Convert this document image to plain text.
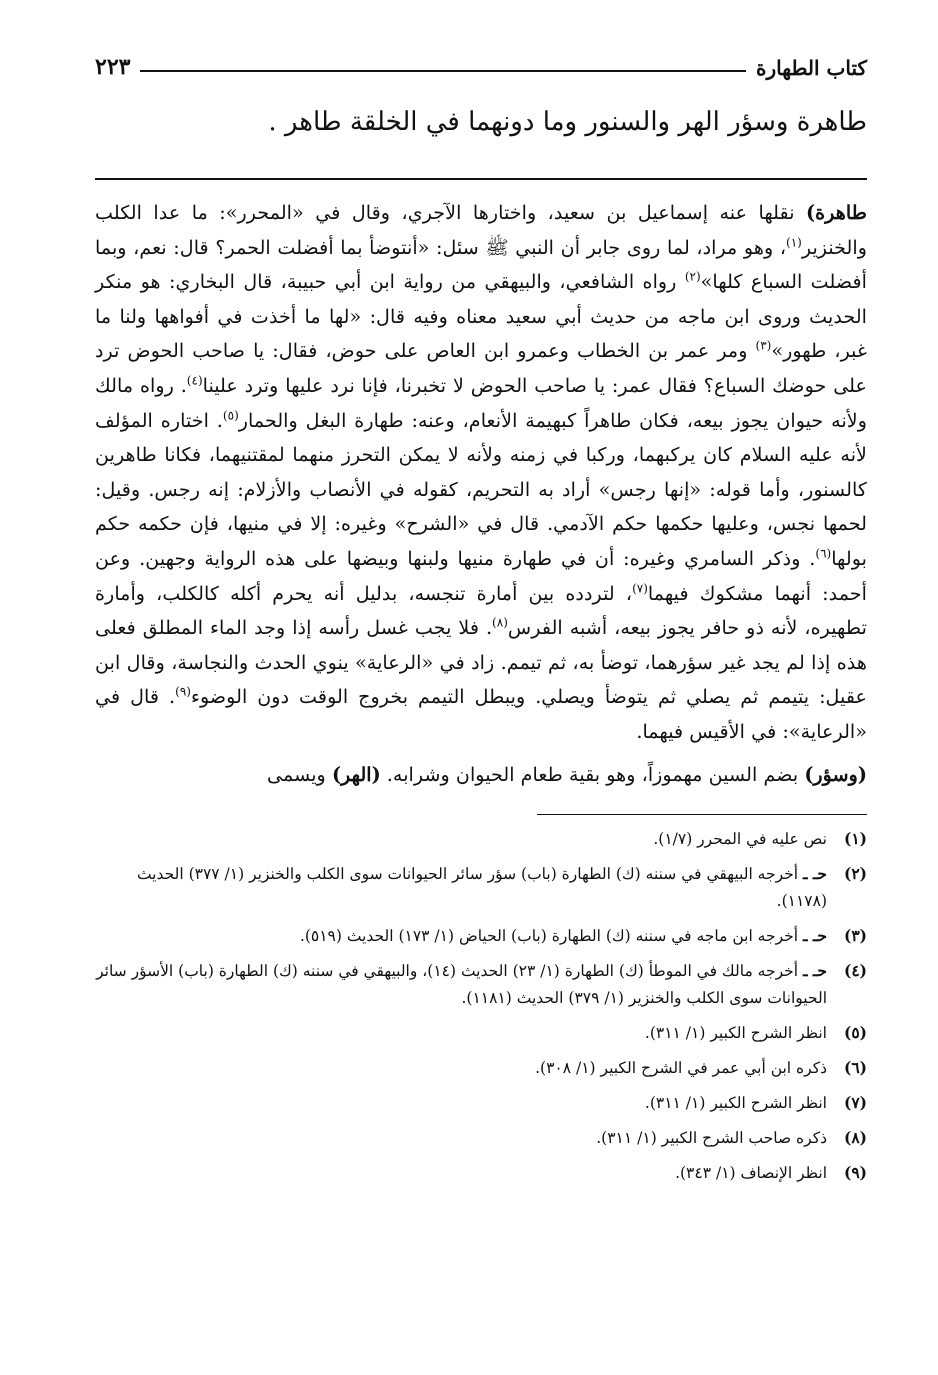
كتاب الطهارة
٢٢٣
طاهرة وسؤر الهر والسنور وما دونهما في الخلقة طاهر .

طاهرة) نقلها عنه إسماعيل بن سعيد، واختارها الآجري، وقال في «المحرر»: ما عدا الكلب والخنزير$^{(١)}$، وهو مراد، لما روى جابر أن النبي ﷺ سئل: «أنتوضأ بما أفضلت الحمر؟ قال: نعم، وبما أفضلت السباع كلها»$^{(٢)}$ رواه الشافعي، والبيهقي من رواية ابن أبي حبيبة، قال البخاري: هو منكر الحديث وروى ابن ماجه من حديث أبي سعيد معناه وفيه قال: «لها ما أخذت في أفواهها ولنا ما غبر، طهور»$^{(٣)}$ ومر عمر بن الخطاب وعمرو ابن العاص على حوض، فقال: يا صاحب الحوض ترد على حوضك السباع؟ فقال عمر: يا صاحب الحوض لا تخبرنا، فإنا نرد عليها وترد علينا$^{(٤)}$. رواه مالك ولأنه حيوان يجوز بيعه، فكان طاهراً كبهيمة الأنعام، وعنه: طهارة البغل والحمار$^{(٥)}$. اختاره المؤلف لأنه عليه السلام كان يركبهما، وركبا في زمنه ولأنه لا يمكن التحرز منهما لمقتنيهما، فكانا طاهرين كالسنور، وأما قوله: «إنها رجس» أراد به التحريم، كقوله في الأنصاب والأزلام: إنه رجس. وقيل: لحمها نجس، وعليها حكمها حكم الآدمي. قال في «الشرح» وغيره: إلا في منيها، فإن حكمه حكم بولها$^{(٦)}$. وذكر السامري وغيره: أن في طهارة منيها ولبنها وبيضها على هذه الرواية وجهين. وعن أحمد: أنهما مشكوك فيهما$^{(٧)}$، لتردده بين أمارة تنجسه، بدليل أنه يحرم أكله كالكلب، وأمارة تطهيره، لأنه ذو حافر يجوز بيعه، أشبه الفرس$^{(٨)}$. فلا يجب غسل رأسه إذا وجد الماء المطلق فعلى هذه إذا لم يجد غير سؤرهما، توضأ به، ثم تيمم. زاد في «الرعاية» ينوي الحدث والنجاسة، وقال ابن عقيل: يتيمم ثم يصلي ثم يتوضأ ويصلي. ويبطل التيمم بخروج الوقت دون الوضوء$^{(٩)}$. قال في «الرعاية»: في الأقيس فيهما.

(وسؤر) بضم السين مهموزاً، وهو بقية طعام الحيوان وشرابه. (الهر) ويسمى

(١)
نص عليه في المحرر (١/٧).
(٢)
حـ ـ أخرجه البيهقي في سننه (ك) الطهارة (باب) سؤر سائر الحيوانات سوى الكلب والخنزير (١/ ٣٧٧) الحديث (١١٧٨).
(٣)
حـ ـ أخرجه ابن ماجه في سننه (ك) الطهارة (باب) الحياض (١/ ١٧٣) الحديث (٥١٩).
(٤)
حـ ـ أخرجه مالك في الموطأ (ك) الطهارة (١/ ٢٣) الحديث (١٤)، والبيهقي في سننه (ك) الطهارة (باب) الأسؤر سائر الحيوانات سوى الكلب والخنزير (١/ ٣٧٩) الحديث (١١٨١).
(٥)
انظر الشرح الكبير (١/ ٣١١).
(٦)
ذكره ابن أبي عمر في الشرح الكبير (١/ ٣٠٨).
(٧)
انظر الشرح الكبير (١/ ٣١١).
(٨)
ذكره صاحب الشرح الكبير (١/ ٣١١).
(٩)
انظر الإنصاف (١/ ٣٤٣).
